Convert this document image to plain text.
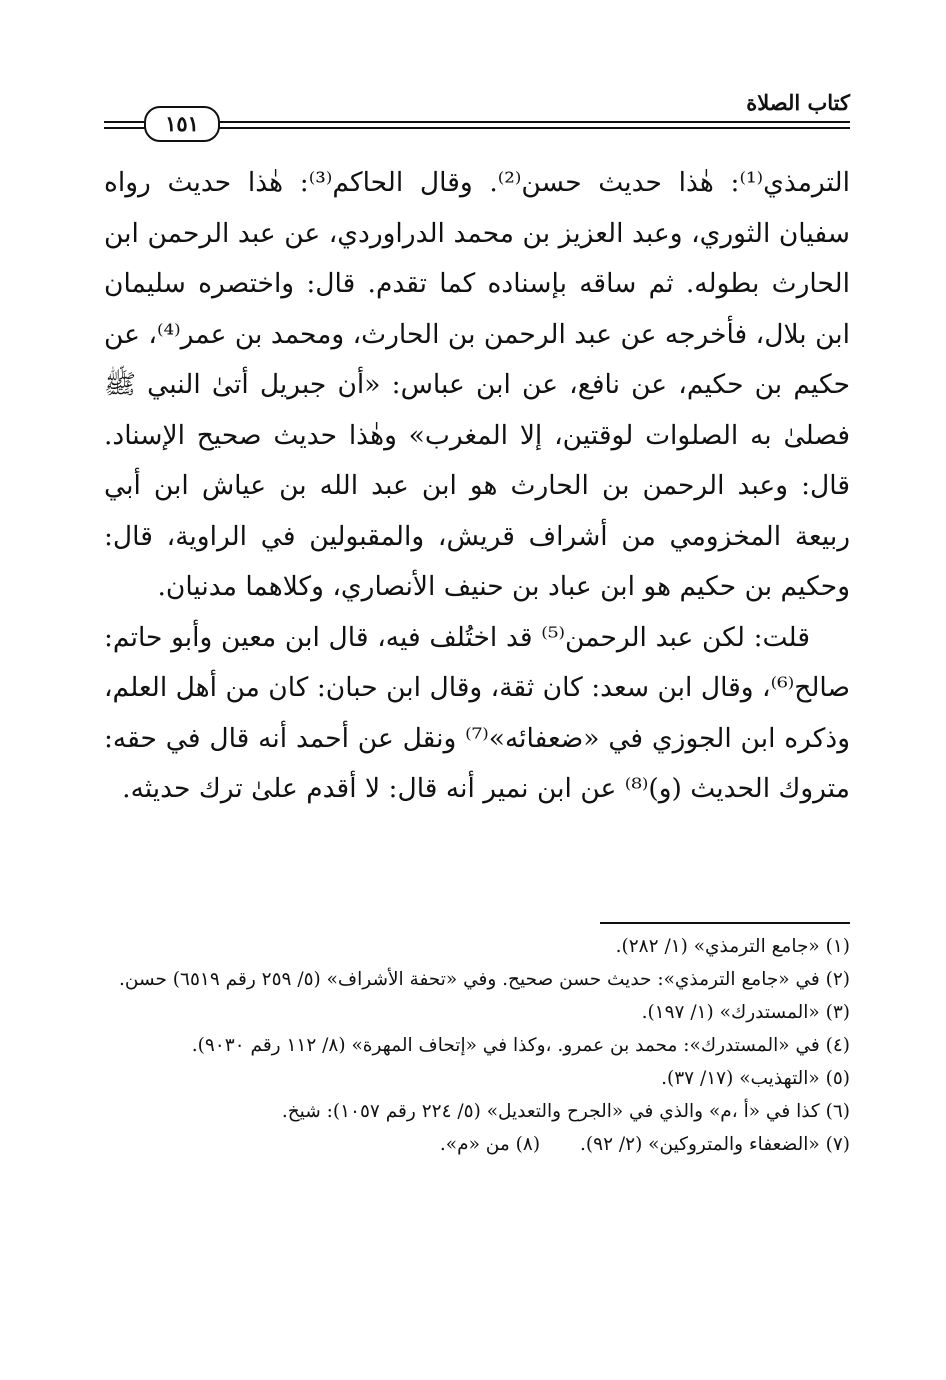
كتاب الصلاة
١٥١

الترمذي⁽¹⁾: هٰذا حديث حسن⁽²⁾. وقال الحاكم⁽³⁾: هٰذا حديث رواه سفيان الثوري، وعبد العزيز بن محمد الدراوردي، عن عبد الرحمن ابن الحارث بطوله. ثم ساقه بإسناده كما تقدم. قال: واختصره سليمان ابن بلال، فأخرجه عن عبد الرحمن بن الحارث، ومحمد بن عمر⁽⁴⁾، عن حكيم بن حكيم، عن نافع، عن ابن عباس: «أن جبريل أتىٰ النبي ﷺ فصلىٰ به الصلوات لوقتين، إلا المغرب» وهٰذا حديث صحيح الإسناد. قال: وعبد الرحمن بن الحارث هو ابن عبد الله بن عياش ابن أبي ربيعة المخزومي من أشراف قريش، والمقبولين في الراوية، قال: وحكيم بن حكيم هو ابن عباد بن حنيف الأنصاري، وكلاهما مدنيان.

قلت: لكن عبد الرحمن⁽⁵⁾ قد اختُلف فيه، قال ابن معين وأبو حاتم: صالح⁽⁶⁾، وقال ابن سعد: كان ثقة، وقال ابن حبان: كان من أهل العلم، وذكره ابن الجوزي في «ضعفائه»⁽⁷⁾ ونقل عن أحمد أنه قال في حقه: متروك الحديث (و)⁽⁸⁾ عن ابن نمير أنه قال: لا أقدم علىٰ ترك حديثه.

(١) «جامع الترمذي» (١/ ٢٨٢).

(٢) في «جامع الترمذي»: حديث حسن صحيح. وفي «تحفة الأشراف» (٥/ ٢٥٩ رقم ٦٥١٩) حسن.

(٣) «المستدرك» (١/ ١٩٧).

(٤) في «المستدرك»: محمد بن عمرو. ،وكذا في «إتحاف المهرة» (٨/ ١١٢ رقم ٩٠٣٠).

(٥) «التهذيب» (١٧/ ٣٧).

(٦) كذا في «أ ،م» والذي في «الجرح والتعديل» (٥/ ٢٢٤ رقم ١٠٥٧): شيخ.

(٧) «الضعفاء والمتروكين» (٢/ ٩٢).(٨) من «م».
